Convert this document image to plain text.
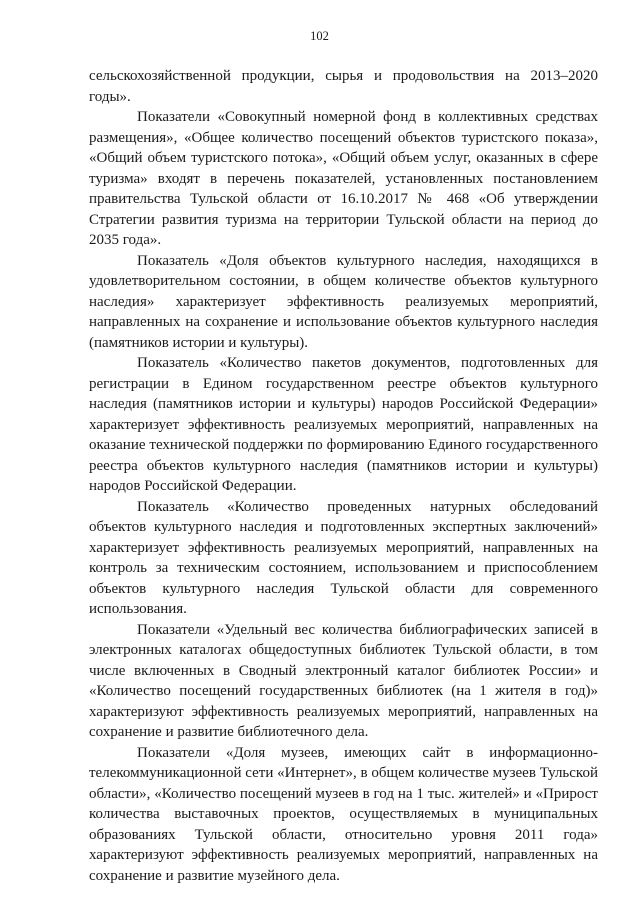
102

сельскохозяйственной продукции, сырья и продовольствия на 2013–2020 годы».

Показатели «Совокупный номерной фонд в коллективных средствах размещения», «Общее количество посещений объектов туристского показа», «Общий объем туристского потока», «Общий объем услуг, оказанных в сфере туризма» входят в перечень показателей, установленных постановлением правительства Тульской области от 16.10.2017 № 468 «Об утверждении Стратегии развития туризма на территории Тульской области на период до 2035 года».

Показатель «Доля объектов культурного наследия, находящихся в удовлетворительном состоянии, в общем количестве объектов культурного наследия» характеризует эффективность реализуемых мероприятий, направленных на сохранение и использование объектов культурного наследия (памятников истории и культуры).

Показатель «Количество пакетов документов, подготовленных для регистрации в Едином государственном реестре объектов культурного наследия (памятников истории и культуры) народов Российской Федерации» характеризует эффективность реализуемых мероприятий, направленных на оказание технической поддержки по формированию Единого государственного реестра объектов культурного наследия (памятников истории и культуры) народов Российской Федерации.

Показатель «Количество проведенных натурных обследований объектов культурного наследия и подготовленных экспертных заключений» характеризует эффективность реализуемых мероприятий, направленных на контроль за техническим состоянием, использованием и приспособлением объектов культурного наследия Тульской области для современного использования.

Показатели «Удельный вес количества библиографических записей в электронных каталогах общедоступных библиотек Тульской области, в том числе включенных в Сводный электронный каталог библиотек России» и «Количество посещений государственных библиотек (на 1 жителя в год)» характеризуют эффективность реализуемых мероприятий, направленных на сохранение и развитие библиотечного дела.

Показатели «Доля музеев, имеющих сайт в информационно-телекоммуникационной сети «Интернет», в общем количестве музеев Тульской области», «Количество посещений музеев в год на 1 тыс. жителей» и «Прирост количества выставочных проектов, осуществляемых в муниципальных образованиях Тульской области, относительно уровня 2011 года» характеризуют эффективность реализуемых мероприятий, направленных на сохранение и развитие музейного дела.
